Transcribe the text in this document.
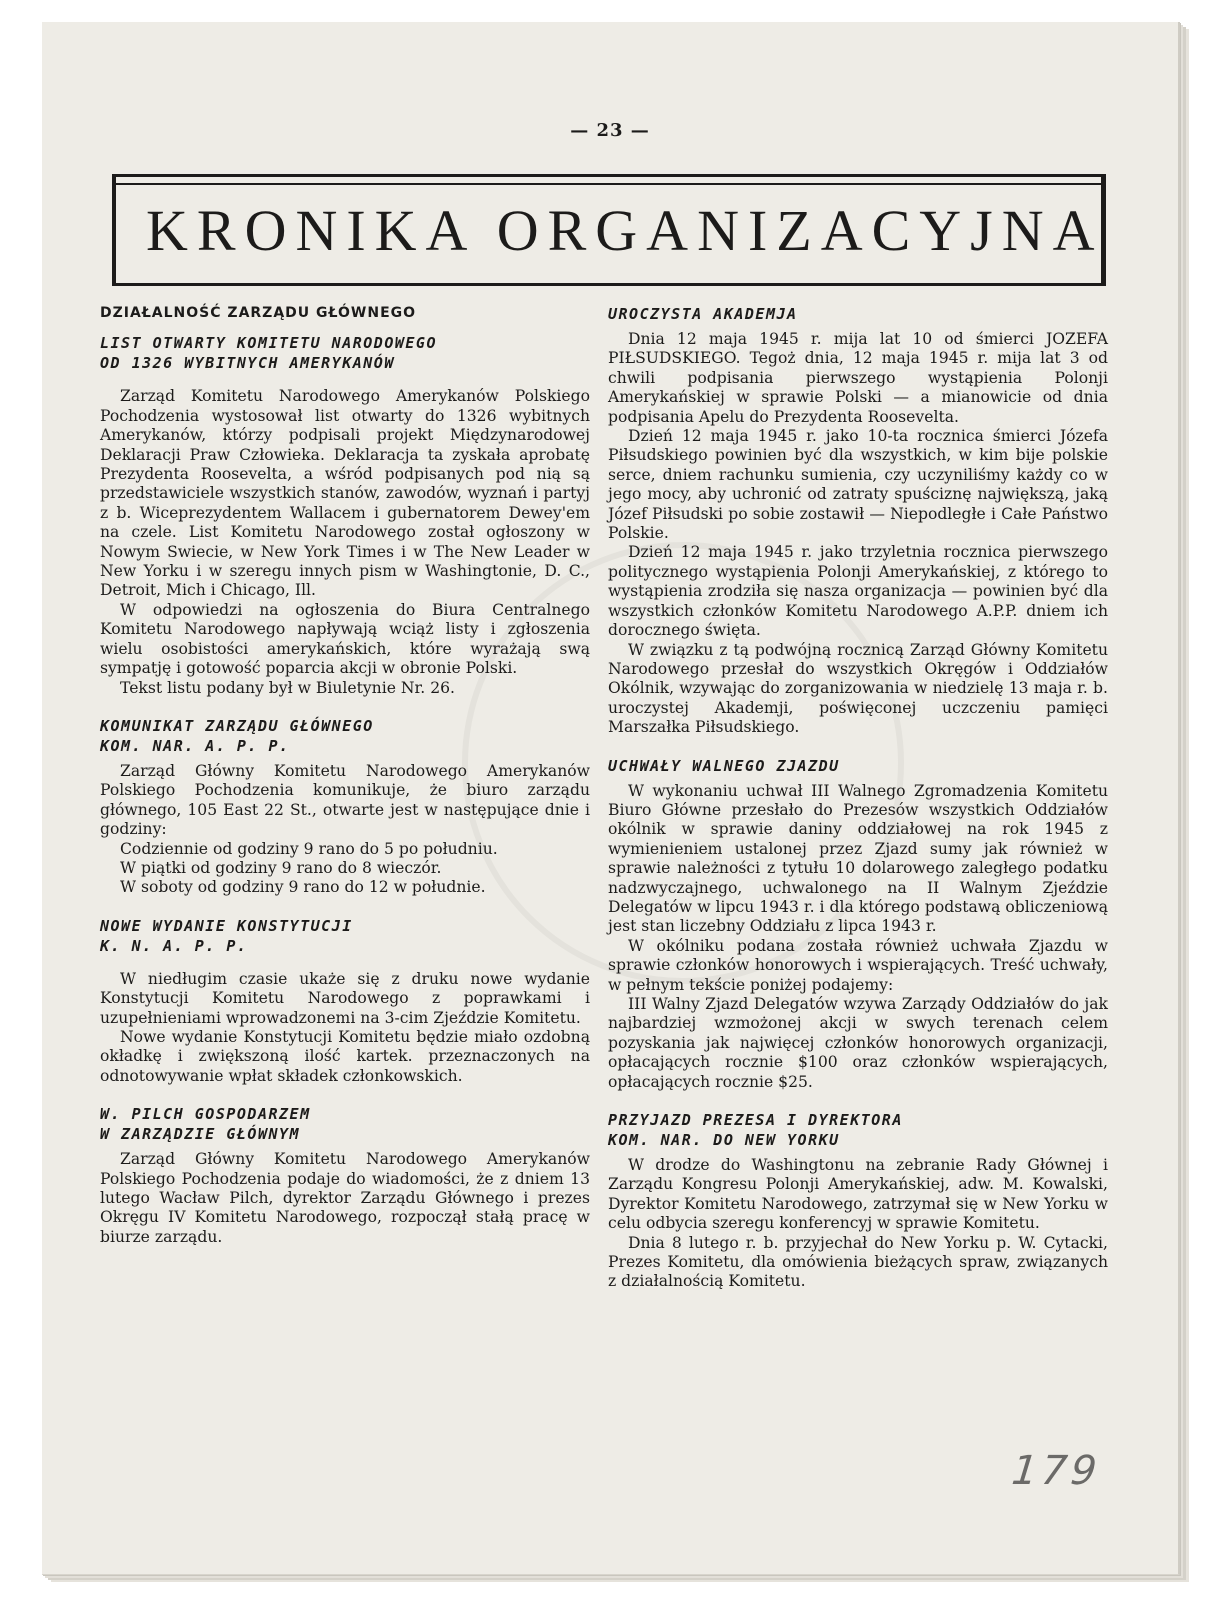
— 23 —
KRONIKA ORGANIZACYJNA
DZIAŁALNOŚĆ ZARZĄDU GŁÓWNEGO
LIST OTWARTY KOMITETU NARODOWEGO
OD 1326 WYBITNYCH AMERYKANÓW

Zarząd Komitetu Narodowego Amerykanów Polskiego Pochodzenia wystosował list otwarty do 1326 wybitnych Amerykanów, którzy podpisali projekt Międzynarodowej Deklaracji Praw Człowieka. Deklaracja ta zyskała aprobatę Prezydenta Roosevelta, a wśród podpisanych pod nią są przedstawiciele wszystkich stanów, zawodów, wyznań i partyj z b. Wiceprezydentem Wallacem i gubernatorem Dewey'em na czele. List Komitetu Narodowego został ogłoszony w Nowym Swiecie, w New York Times i w The New Leader w New Yorku i w szeregu innych pism w Washingtonie, D. C., Detroit, Mich i Chicago, Ill.

W odpowiedzi na ogłoszenia do Biura Centralnego Komitetu Narodowego napływają wciąż listy i zgłoszenia wielu osobistości amerykańskich, które wyrażają swą sympatję i gotowość poparcia akcji w obronie Polski.

Tekst listu podany był w Biuletynie Nr. 26.

KOMUNIKAT ZARZĄDU GŁÓWNEGO
KOM. NAR. A. P. P.

Zarząd Główny Komitetu Narodowego Amerykanów Polskiego Pochodzenia komunikuje, że biuro zarządu głównego, 105 East 22 St., otwarte jest w następujące dnie i godziny:

Codziennie od godziny 9 rano do 5 po południu.

W piątki od godziny 9 rano do 8 wieczór.

W soboty od godziny 9 rano do 12 w południe.

NOWE WYDANIE KONSTYTUCJI
K. N. A. P. P.

W niedługim czasie ukaże się z druku nowe wydanie Konstytucji Komitetu Narodowego z poprawkami i uzupełnieniami wprowadzonemi na 3-cim Zjeździe Komitetu.

Nowe wydanie Konstytucji Komitetu będzie miało ozdobną okładkę i zwiększoną ilość kartek. przeznaczonych na odnotowywanie wpłat składek członkowskich.

W. PILCH GOSPODARZEM
W ZARZĄDZIE GŁÓWNYM

Zarząd Główny Komitetu Narodowego Amerykanów Polskiego Pochodzenia podaje do wiadomości, że z dniem 13 lutego Wacław Pilch, dyrektor Zarządu Głównego i prezes Okręgu IV Komitetu Narodowego, rozpoczął stałą pracę w biurze zarządu.

UROCZYSTA AKADEMJA

Dnia 12 maja 1945 r. mija lat 10 od śmierci JOZEFA PIŁSUDSKIEGO. Tegoż dnia, 12 maja 1945 r. mija lat 3 od chwili podpisania pierwszego wystąpienia Polonji Amerykańskiej w sprawie Polski — a mianowicie od dnia podpisania Apelu do Prezydenta Roosevelta.

Dzień 12 maja 1945 r. jako 10-ta rocznica śmierci Józefa Piłsudskiego powinien być dla wszystkich, w kim bije polskie serce, dniem rachunku sumienia, czy uczyniliśmy każdy co w jego mocy, aby uchronić od zatraty spuściznę największą, jaką Józef Piłsudski po sobie zostawił — Niepodległe i Całe Państwo Polskie.

Dzień 12 maja 1945 r. jako trzyletnia rocznica pierwszego politycznego wystąpienia Polonji Amerykańskiej, z którego to wystąpienia zrodziła się nasza organizacja — powinien być dla wszystkich członków Komitetu Narodowego A.P.P. dniem ich dorocznego święta.

W związku z tą podwójną rocznicą Zarząd Główny Komitetu Narodowego przesłał do wszystkich Okręgów i Oddziałów Okólnik, wzywając do zorganizowania w niedzielę 13 maja r. b. uroczystej Akademji, poświęconej uczczeniu pamięci Marszałka Piłsudskiego.

UCHWAŁY WALNEGO ZJAZDU

W wykonaniu uchwał III Walnego Zgromadzenia Komitetu Biuro Główne przesłało do Prezesów wszystkich Oddziałów okólnik w sprawie daniny oddziałowej na rok 1945 z wymienieniem ustalonej przez Zjazd sumy jak również w sprawie należności z tytułu 10 dolarowego zaległego podatku nadzwyczajnego, uchwalonego na II Walnym Zjeździe Delegatów w lipcu 1943 r. i dla którego podstawą obliczeniową jest stan liczebny Oddziału z lipca 1943 r.

W okólniku podana została również uchwała Zjazdu w sprawie członków honorowych i wspierających. Treść uchwały, w pełnym tekście poniżej podajemy:

III Walny Zjazd Delegatów wzywa Zarządy Oddziałów do jak najbardziej wzmożonej akcji w swych terenach celem pozyskania jak najwięcej członków honorowych organizacji, opłacających rocznie $100 oraz członków wspierających, opłacających rocznie $25.

PRZYJAZD PREZESA I DYREKTORA
KOM. NAR. DO NEW YORKU

W drodze do Washingtonu na zebranie Rady Głównej i Zarządu Kongresu Polonji Amerykańskiej, adw. M. Kowalski, Dyrektor Komitetu Narodowego, zatrzymał się w New Yorku w celu odbycia szeregu konferencyj w sprawie Komitetu.

Dnia 8 lutego r. b. przyjechał do New Yorku p. W. Cytacki, Prezes Komitetu, dla omówienia bieżących spraw, związanych z działalnością Komitetu.

179
